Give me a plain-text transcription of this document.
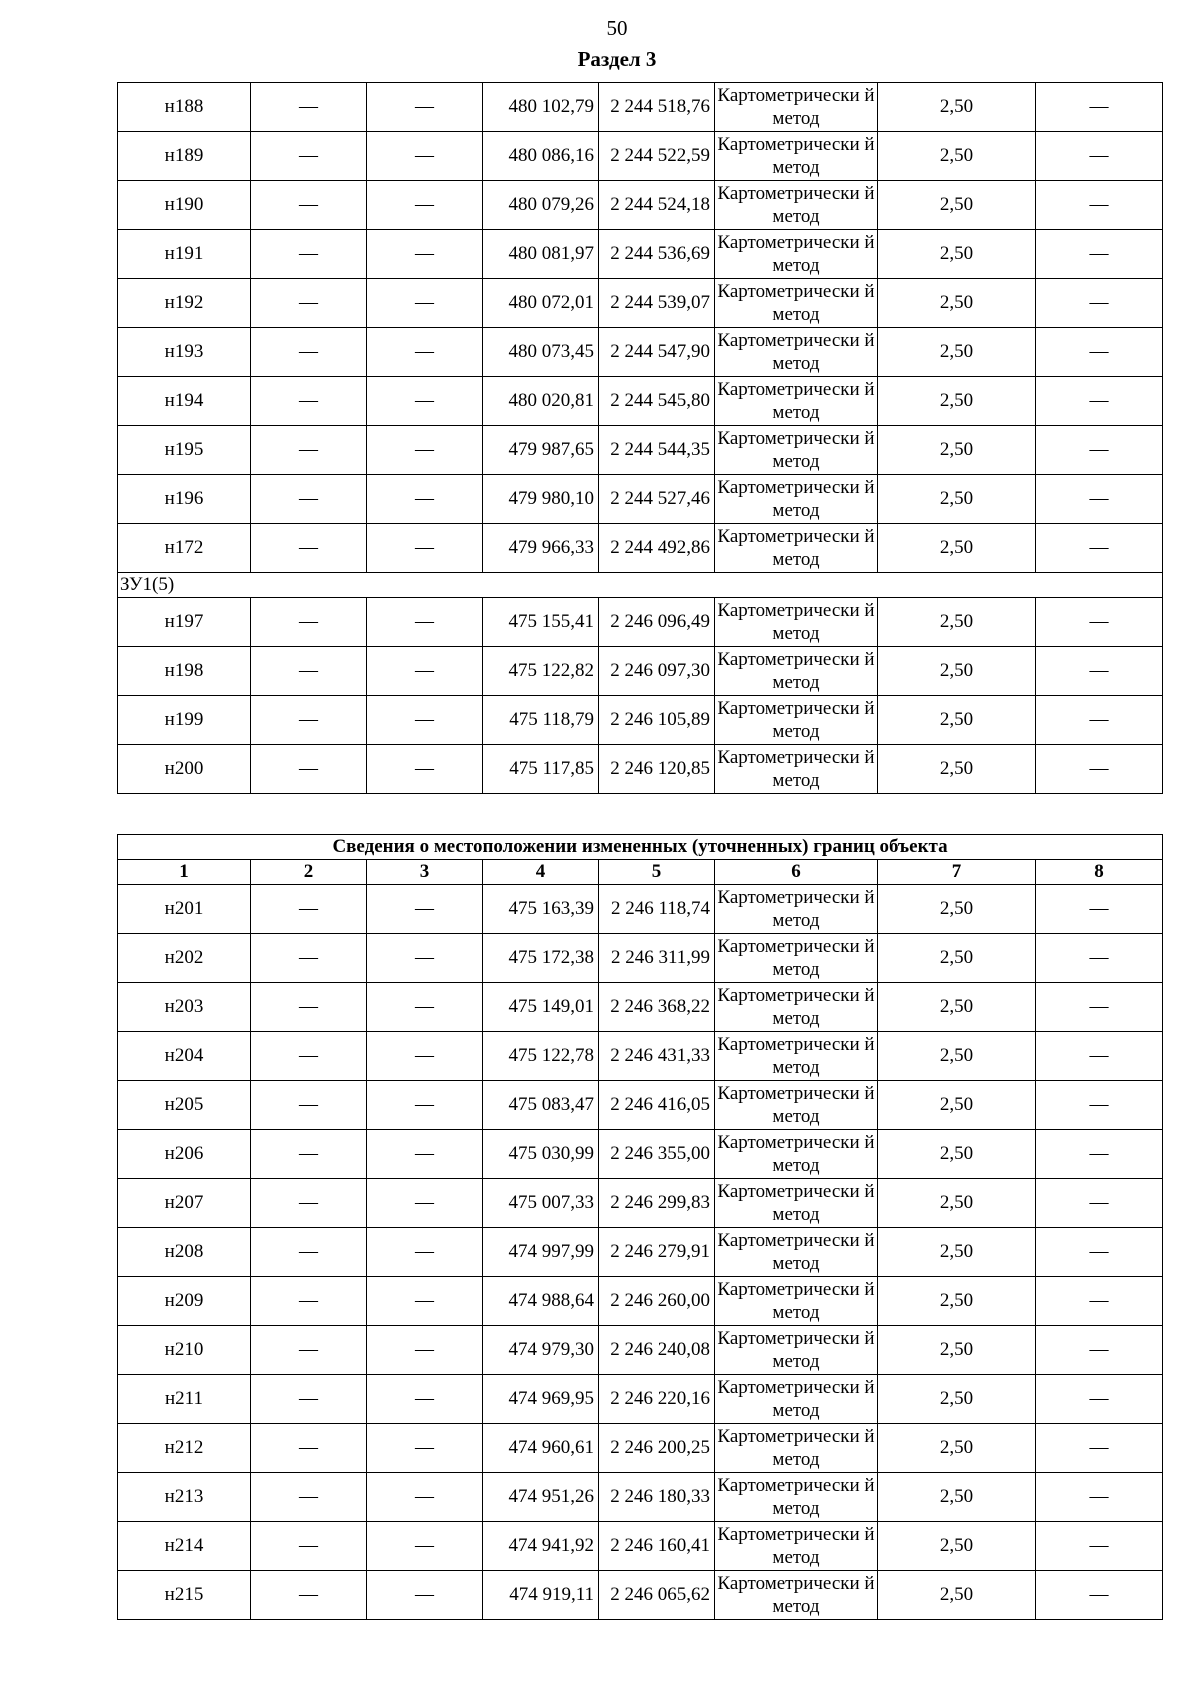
50
Раздел 3
н188	—	—	480 102,79	2 244 518,76	Картометрически й метод	2,50	—
н189	—	—	480 086,16	2 244 522,59	Картометрически й метод	2,50	—
н190	—	—	480 079,26	2 244 524,18	Картометрически й метод	2,50	—
н191	—	—	480 081,97	2 244 536,69	Картометрически й метод	2,50	—
н192	—	—	480 072,01	2 244 539,07	Картометрически й метод	2,50	—
н193	—	—	480 073,45	2 244 547,90	Картометрически й метод	2,50	—
н194	—	—	480 020,81	2 244 545,80	Картометрически й метод	2,50	—
н195	—	—	479 987,65	2 244 544,35	Картометрически й метод	2,50	—
н196	—	—	479 980,10	2 244 527,46	Картометрически й метод	2,50	—
н172	—	—	479 966,33	2 244 492,86	Картометрически й метод	2,50	—
ЗУ1(5)							
н197	—	—	475 155,41	2 246 096,49	Картометрически й метод	2,50	—
н198	—	—	475 122,82	2 246 097,30	Картометрически й метод	2,50	—
н199	—	—	475 118,79	2 246 105,89	Картометрически й метод	2,50	—
н200	—	—	475 117,85	2 246 120,85	Картометрически й метод	2,50	—
Сведения о местоположении измененных (уточненных) границ объекта							
1	2	3	4	5	6	7	8
н201	—	—	475 163,39	2 246 118,74	Картометрически й метод	2,50	—
н202	—	—	475 172,38	2 246 311,99	Картометрически й метод	2,50	—
н203	—	—	475 149,01	2 246 368,22	Картометрически й метод	2,50	—
н204	—	—	475 122,78	2 246 431,33	Картометрически й метод	2,50	—
н205	—	—	475 083,47	2 246 416,05	Картометрически й метод	2,50	—
н206	—	—	475 030,99	2 246 355,00	Картометрически й метод	2,50	—
н207	—	—	475 007,33	2 246 299,83	Картометрически й метод	2,50	—
н208	—	—	474 997,99	2 246 279,91	Картометрически й метод	2,50	—
н209	—	—	474 988,64	2 246 260,00	Картометрически й метод	2,50	—
н210	—	—	474 979,30	2 246 240,08	Картометрически й метод	2,50	—
н211	—	—	474 969,95	2 246 220,16	Картометрически й метод	2,50	—
н212	—	—	474 960,61	2 246 200,25	Картометрически й метод	2,50	—
н213	—	—	474 951,26	2 246 180,33	Картометрически й метод	2,50	—
н214	—	—	474 941,92	2 246 160,41	Картометрически й метод	2,50	—
н215	—	—	474 919,11	2 246 065,62	Картометрически й метод	2,50	—
